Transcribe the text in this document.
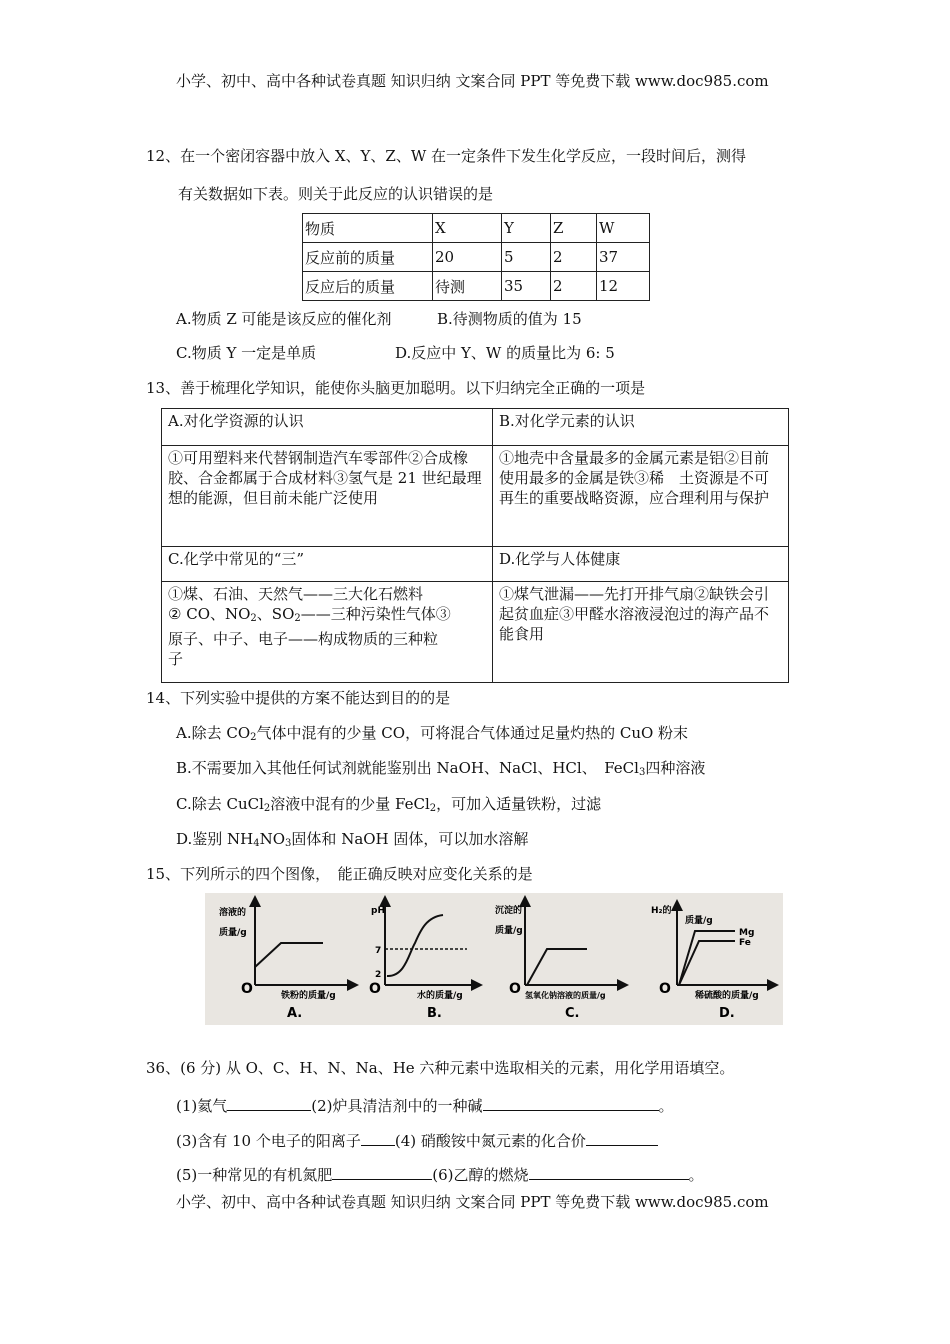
小学、初中、高中各种试卷真题 知识归纳 文案合同 PPT 等免费下载 www.doc985.com
12、在一个密闭容器中放入 X、Y、Z、W 在一定条件下发生化学反应，一段时间后，测得
有关数据如下表。则关于此反应的认识错误的是
物质	X	Y	Z	W
反应前的质量	20	5	2	37
反应后的质量	待测	35	2	12
A.物质 Z 可能是该反应的催化剂	B.待测物质的值为 15
C.物质 Y 一定是单质	D.反应中 Y、W 的质量比为 6: 5
13、善于梳理化学知识，能使你头脑更加聪明。以下归纳完全正确的一项是
A.对化学资源的认识	B.对化学元素的认识
①可用塑料来代替钢制造汽车零部件②合成橡胶、合金都属于合成材料③氢气是 21 世纪最理想的能源，但目前未能广泛使用	①地壳中含量最多的金属元素是铝②目前使用最多的金属是铁③稀　土资源是不可再生的重要战略资源，应合理利用与保护
C.化学中常见的“三”	D.化学与人体健康

①煤、石油、天然气——三大化石燃料
② CO、$NO_2$、$SO_2——$三种污染性气体③
原子、中子、电子——构成物质的三种粒
子	①煤气泄漏——先打开排气扇②缺铁会引起贫血症③甲醛水溶液浸泡过的海产品不能食用
14、下列实验中提供的方案不能达到目的的是
A.除去 $CO_2$气体中混有的少量 CO，可将混合气体通过足量灼热的 CuO 粉末
B.不需要加入其他任何试剂就能鉴别出 NaOH、NaCl、HCl、　FeCl$_3$四种溶液
C.除去 CuCl$_2$溶液中混有的少量 FeCl$_2$，可加入适量铁粉，过滤
D.鉴别 $NH_4NO_3$固体和 NaOH 固体，可以加水溶解
15、下列所示的四个图像，　能正确反映对应变化关系的是
溶液的
质量/g
O	铁粉的质量/g
A.
pH
7
2
O	水的质量/g
B.
沉淀的
质量/g
O 氢氧化钠溶液的质量/g
C.
H₂的
质量/g
Mg
Fe
O	稀硫酸的质量/g
D.
36、(6 分) 从 O、C、H、N、Na、He 六种元素中选取相关的元素，用化学用语填空。
(1)氦气	(2)炉具清洁剂中的一种碱	。
(3)含有 10 个电子的阳离子 (4) 硝酸铵中氮元素的化合价
(5)一种常见的有机氮肥	(6)乙醇的燃烧	。
小学、初中、高中各种试卷真题 知识归纳 文案合同 PPT 等免费下载 www.doc985.com
